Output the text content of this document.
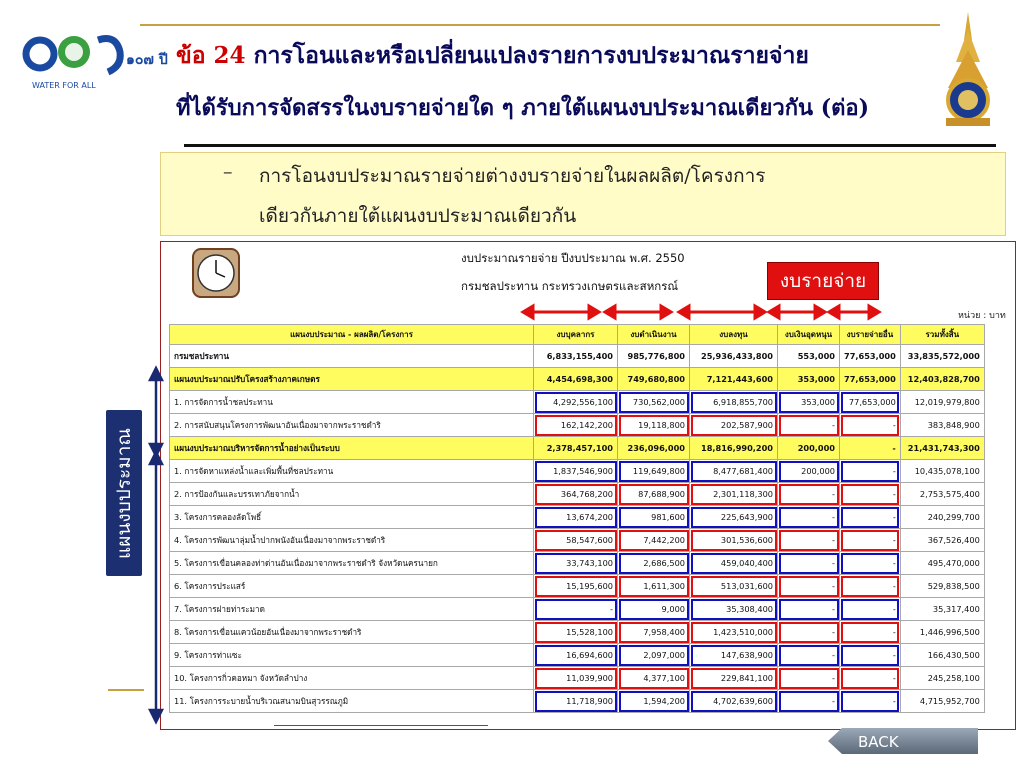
๑๐๗ ปี
WATER FOR ALL
ข้อ 24 การโอนและหรือเปลี่ยนแปลงรายการงบประมาณรายจ่าย
ที่ได้รับการจัดสรรในงบรายจ่ายใด ๆ ภายใต้แผนงบประมาณเดียวกัน (ต่อ)
– การโอนงบประมาณรายจ่ายต่างงบรายจ่ายในผลผลิต/โครงการ
เดียวกันภายใต้แผนงบประมาณเดียวกัน
งบประมาณรายจ่าย ปีงบประมาณ พ.ศ. 2550
กรมชลประทาน กระทรวงเกษตรและสหกรณ์	งบรายจ่าย
หน่วย : บาท
แผนงบประมาณ - ผลผลิต/โครงการ	งบบุคลากร	งบดำเนินงาน	งบลงทุน	งบเงินอุดหนุน	งบรายจ่ายอื่น	รวมทั้งสิ้น
กรมชลประทาน	6,833,155,400	985,776,800	25,936,433,800	553,000	77,653,000	33,835,572,000
แผนงบประมาณปรับโครงสร้างภาคเกษตร	4,454,698,300	749,680,800	7,121,443,600	353,000	77,653,000	12,403,828,700
1. การจัดการน้ำชลประทาน	4,292,556,100	730,562,000	6,918,855,700	353,000	77,653,000	12,019,979,800
2. การสนับสนุนโครงการพัฒนาอันเนื่องมาจากพระราชดำริ	162,142,200	19,118,800	202,587,900	-	-	383,848,900
แผนงบประมาณบริหารจัดการน้ำอย่างเป็นระบบ	2,378,457,100	236,096,000	18,816,990,200	200,000	-	21,431,743,300
1. การจัดหาแหล่งน้ำและเพิ่มพื้นที่ชลประทาน	1,837,546,900	119,649,800	8,477,681,400	200,000	-	10,435,078,100
2. การป้องกันและบรรเทาภัยจากน้ำ	364,768,200	87,688,900	2,301,118,300	-	-	2,753,575,400
3. โครงการคลองลัดโพธิ์	13,674,200	981,600	225,643,900	-	-	240,299,700
4. โครงการพัฒนาลุ่มน้ำปากพนังอันเนื่องมาจากพระราชดำริ	58,547,600	7,442,200	301,536,600	-	-	367,526,400
5. โครงการเขื่อนคลองท่าด่านอันเนื่องมาจากพระราชดำริ จังหวัดนครนายก	33,743,100	2,686,500	459,040,400	-	-	495,470,000
6. โครงการประแสร์	15,195,600	1,611,300	513,031,600	-	-	529,838,500
7. โครงการฝายท่าระมาด	-	9,000	35,308,400	-	-	35,317,400
8. โครงการเขื่อนแควน้อยอันเนื่องมาจากพระราชดำริ	15,528,100	7,958,400	1,423,510,000	-	-	1,446,996,500
9. โครงการท่าแซะ	16,694,600	2,097,000	147,638,900	-	-	166,430,500
10. โครงการกิ่วคอหมา จังหวัดลำปาง	11,039,900	4,377,100	229,841,100	-	-	245,258,100
11. โครงการระบายน้ำบริเวณสนามบินสุวรรณภูมิ	11,718,900	1,594,200	4,702,639,600	-	-	4,715,952,700
แผนงบประมาณ
BACK
